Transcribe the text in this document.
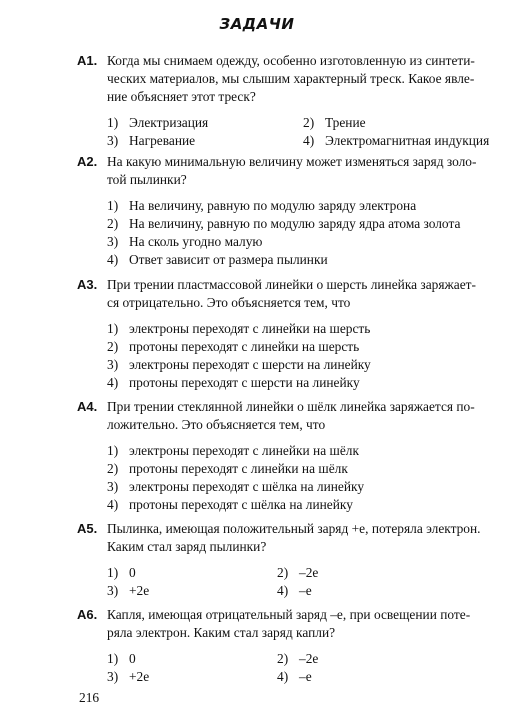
ЗАДАЧИ
А1. Когда мы снимаем одежду, особенно изготовленную из синтети-
ческих материалов, мы слышим характерный треск. Какое явле-
ние объясняет этот треск?
1) Электризация	2) Трение
3) Нагревание	4) Электромагнитная индукция
А2. На какую минимальную величину может изменяться заряд золо-
той пылинки?
1) На величину, равную по модулю заряду электрона
2) На величину, равную по модулю заряду ядра атома золота
3) На сколь угодно малую
4) Ответ зависит от размера пылинки
А3. При трении пластмассовой линейки о шерсть линейка заряжает-
ся отрицательно. Это объясняется тем, что
1) электроны переходят с линейки на шерсть
2) протоны переходят с линейки на шерсть
3) электроны переходят с шерсти на линейку
4) протоны переходят с шерсти на линейку
А4. При трении стеклянной линейки о шёлк линейка заряжается по-
ложительно. Это объясняется тем, что
1) электроны переходят с линейки на шёлк
2) протоны переходят с линейки на шёлк
3) электроны переходят с шёлка на линейку
4) протоны переходят с шёлка на линейку
А5. Пылинка, имеющая положительный заряд +е, потеряла электрон.
Каким стал заряд пылинки?
1) 0	2) –2е
3) +2е	4) –е
А6. Капля, имеющая отрицательный заряд –е, при освещении поте-
ряла электрон. Каким стал заряд капли?
1) 0	2) –2е
3) +2е	4) –е
216
